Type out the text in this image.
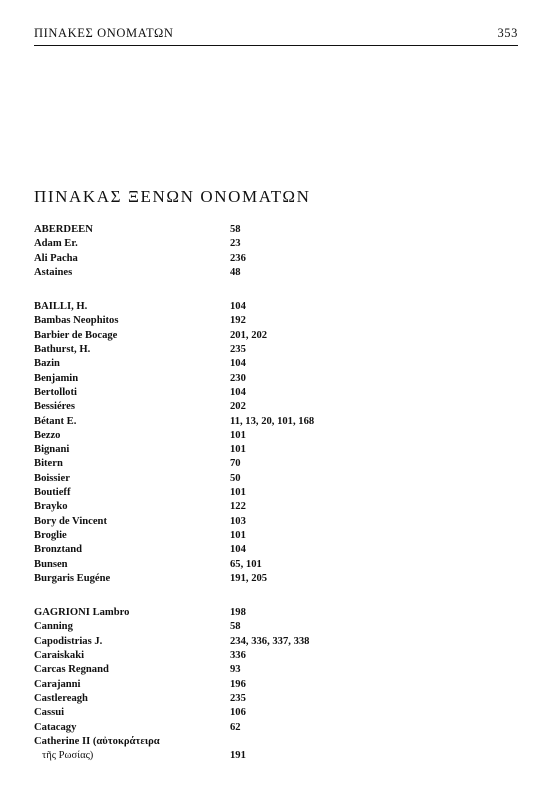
ΠΙΝΑΚΕΣ ΟΝΟΜΑΤΩΝ	353
ΠΙΝΑΚΑΣ ΞΕΝΩΝ ΟΝΟΜΑΤΩΝ
ABERDEEN	58
Adam Er.	23
Ali Pacha	236
Astaines	48
BAILLI, H.	104
Bambas Neophitos	192
Barbier de Bocage	201, 202
Bathurst, H.	235
Bazin	104
Benjamin	230
Bertolloti	104
Bessiéres	202
Bétant E.	11, 13, 20, 101, 168
Bezzo	101
Bignani	101
Bitern	70
Boissier	50
Boutieff	101
Brayko	122
Bory de Vincent	103
Broglie	101
Bronztand	104
Bunsen	65, 101
Burgaris Eugéne	191, 205
GAGRIONI Lambro	198
Canning	58
Capodistrias J.	234, 336, 337, 338
Caraiskaki	336
Carcas Regnand	93
Carajanni	196
Castlereagh	235
Cassui	106
Catacagy	62
Catherine II (αὐτοκράτειρα
τῆς Ρωσίας)	191
